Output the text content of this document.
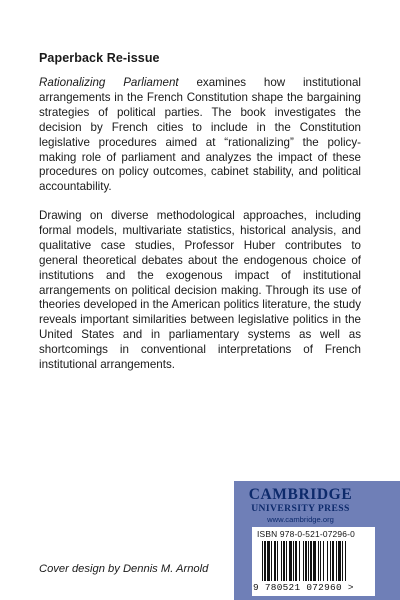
Paperback Re-issue

Rationalizing Parliament examines how institutional arrangements in the French Constitution shape the bargaining strategies of political parties. The book investigates the decision by French cities to include in the Constitution legislative procedures aimed at “rationalizing” the policy-making role of parliament and analyzes the impact of these procedures on policy outcomes, cabinet stability, and political accountability.

Drawing on diverse methodological approaches, including formal models, multivariate statistics, historical analysis, and qualitative case studies, Professor Huber contributes to general theoretical debates about the endogenous choice of institutions and the exogenous impact of institutional arrangements on political decision making. Through its use of theories developed in the American politics literature, the study reveals important similarities between legislative politics in the United States and in parliamentary systems as well as shortcomings in conventional interpretations of French institutional arrangements.

CAMBRIDGE
UNIVERSITY PRESS
www.cambridge.org
ISBN 978-0-521-07296-0
9 780521 072960 >
Cover design by Dennis M. Arnold
